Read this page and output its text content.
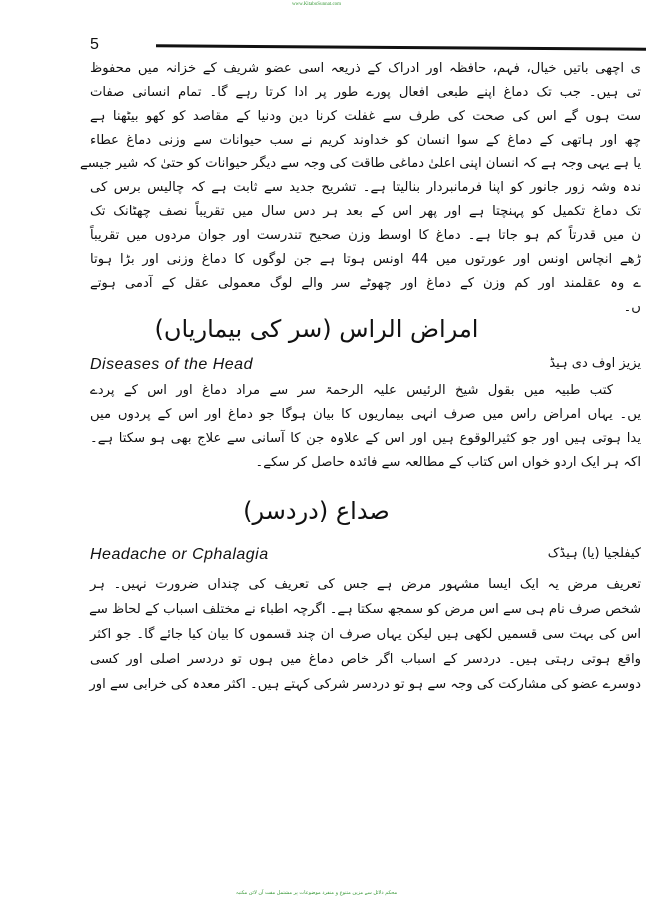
www.KitaboSunnat.com
5
ی اچھی باتیں خیال، فہم، حافظہ اور ادراک کے ذریعہ اسی عضو شریف کے خزانہ میں محفوظ
تی ہیں۔ جب تک دماغ اپنے طبعی افعال پورے طور پر ادا کرتا رہے گا۔ تمام انسانی صفات
ست ہوں گے اس کی صحت کی طرف سے غفلت کرنا دین ودنیا کے مقاصد کو کھو بیٹھنا ہے
چھ اور ہاتھی کے دماغ کے سوا انسان کو خداوند کریم نے سب حیوانات سے وزنی دماغ عطاء
یا ہے یہی وجہ ہے کہ انسان اپنی اعلیٰ دماغی طاقت کی وجہ سے دیگر حیوانات کو حتیٰ کہ شیر جیسے
ندہ وشہ زور جانور کو اپنا فرمانبردار بنالیتا ہے۔ تشریح جدید سے ثابت ہے کہ چالیس برس کی
تک دماغ تکمیل کو پہنچتا ہے اور پھر اس کے بعد ہر دس سال میں تقریباً نصف چھٹانک تک
ن میں قدرتاً کم ہو جاتا ہے۔ دماغ کا اوسط وزن صحیح تندرست اور جوان مردوں میں تقریباً
ڑھے انچاس اونس اور عورتوں میں 44 اونس ہوتا ہے جن لوگوں کا دماغ وزنی اور بڑا ہوتا
ے وہ عقلمند اور کم وزن کے دماغ اور چھوٹے سر والے لوگ معمولی عقل کے آدمی ہوتے
ں۔
امراض الراس (سر کی بیماریاں)
Diseases of the Head	یزیز اوف دی ہیڈ
کتب طبیہ میں بقول شیخ الرئیس علیہ الرحمۃ سر سے مراد دماغ اور اس کے پردے
یں۔ یہاں امراض راس میں صرف انہی بیماریوں کا بیان ہوگا جو دماغ اور اس کے پردوں میں
یدا ہوتی ہیں اور جو کثیرالوقوع ہیں اور اس کے علاوہ جن کا آسانی سے علاج بھی ہو سکتا ہے۔
اکہ ہر ایک اردو خواں اس کتاب کے مطالعہ سے فائدہ حاصل کر سکے۔
صداع (دردسر)
Headache or Cphalagia	کیفلجیا (یا) ہیڈک
تعریف مرض یہ ایک ایسا مشہور مرض ہے جس کی تعریف کی چنداں ضرورت نہیں۔ ہر
شخص صرف نام ہی سے اس مرض کو سمجھ سکتا ہے۔ اگرچہ اطباء نے مختلف اسباب کے لحاظ سے
اس کی بہت سی قسمیں لکھی ہیں لیکن یہاں صرف ان چند قسموں کا بیان کیا جائے گا۔ جو اکثر
واقع ہوتی رہتی ہیں۔ دردسر کے اسباب اگر خاص دماغ میں ہوں تو دردسر اصلی اور کسی
دوسرے عضو کی مشارکت کی وجہ سے ہو تو دردسر شرکی کہتے ہیں۔ اکثر معدہ کی خرابی سے اور
محکم دلائل سے مزین متنوع و منفرد موضوعات پر مشتمل مفت آن لائن مکتبہ
